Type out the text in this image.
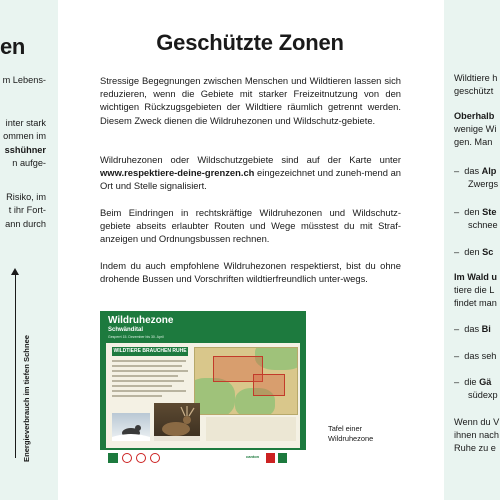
en
m Lebens-
inter stark
ommen im
sshühner
n aufge-
Risiko, im
t ihr Fort-
ann durch
Energieverbrauch im tiefen Schnee
Geschützte Zonen
Stressige Begegnungen zwischen Menschen und Wildtieren lassen sich reduzieren, wenn die Gebiete mit starker Freizeitnutzung von den wichtigen Rückzugsgebieten der Wildtiere räumlich getrennt werden. Diesem Zweck dienen die Wildruhezonen und Wildschutz-gebiete.
Wildruhezonen oder Wildschutzgebiete sind auf der Karte unter www.respektiere-deine-grenzen.ch eingezeichnet und zuneh-mend an Ort und Stelle signalisiert.
Beim Eindringen in rechtskräftige Wildruhezonen und Wildschutz-gebiete abseits erlaubter Routen und Wege müsstest du mit Straf-anzeigen und Ordnungsbussen rechnen.
Indem du auch empfohlene Wildruhezonen respektierst, bist du ohne drohende Bussen und Vorschriften wildtierfreundlich unter-wegs.
Wildruhezone
Schwändital
Gesperrt 15. Dezember bis 30. April
WILDTIERE BRAUCHEN RUHE
canton
Tafel einer
Wildruhezone
Wildtiere h
geschützt
Oberhalb
wenige Wi
gen. Man
– das Alp
Zwergs
– den Ste
schnee
– den Sc
Im Wald u
tiere die L
findet man
– das Bi
– das seh
– die Gä
südexp
Wenn du V
ihnen nach
Ruhe zu e
